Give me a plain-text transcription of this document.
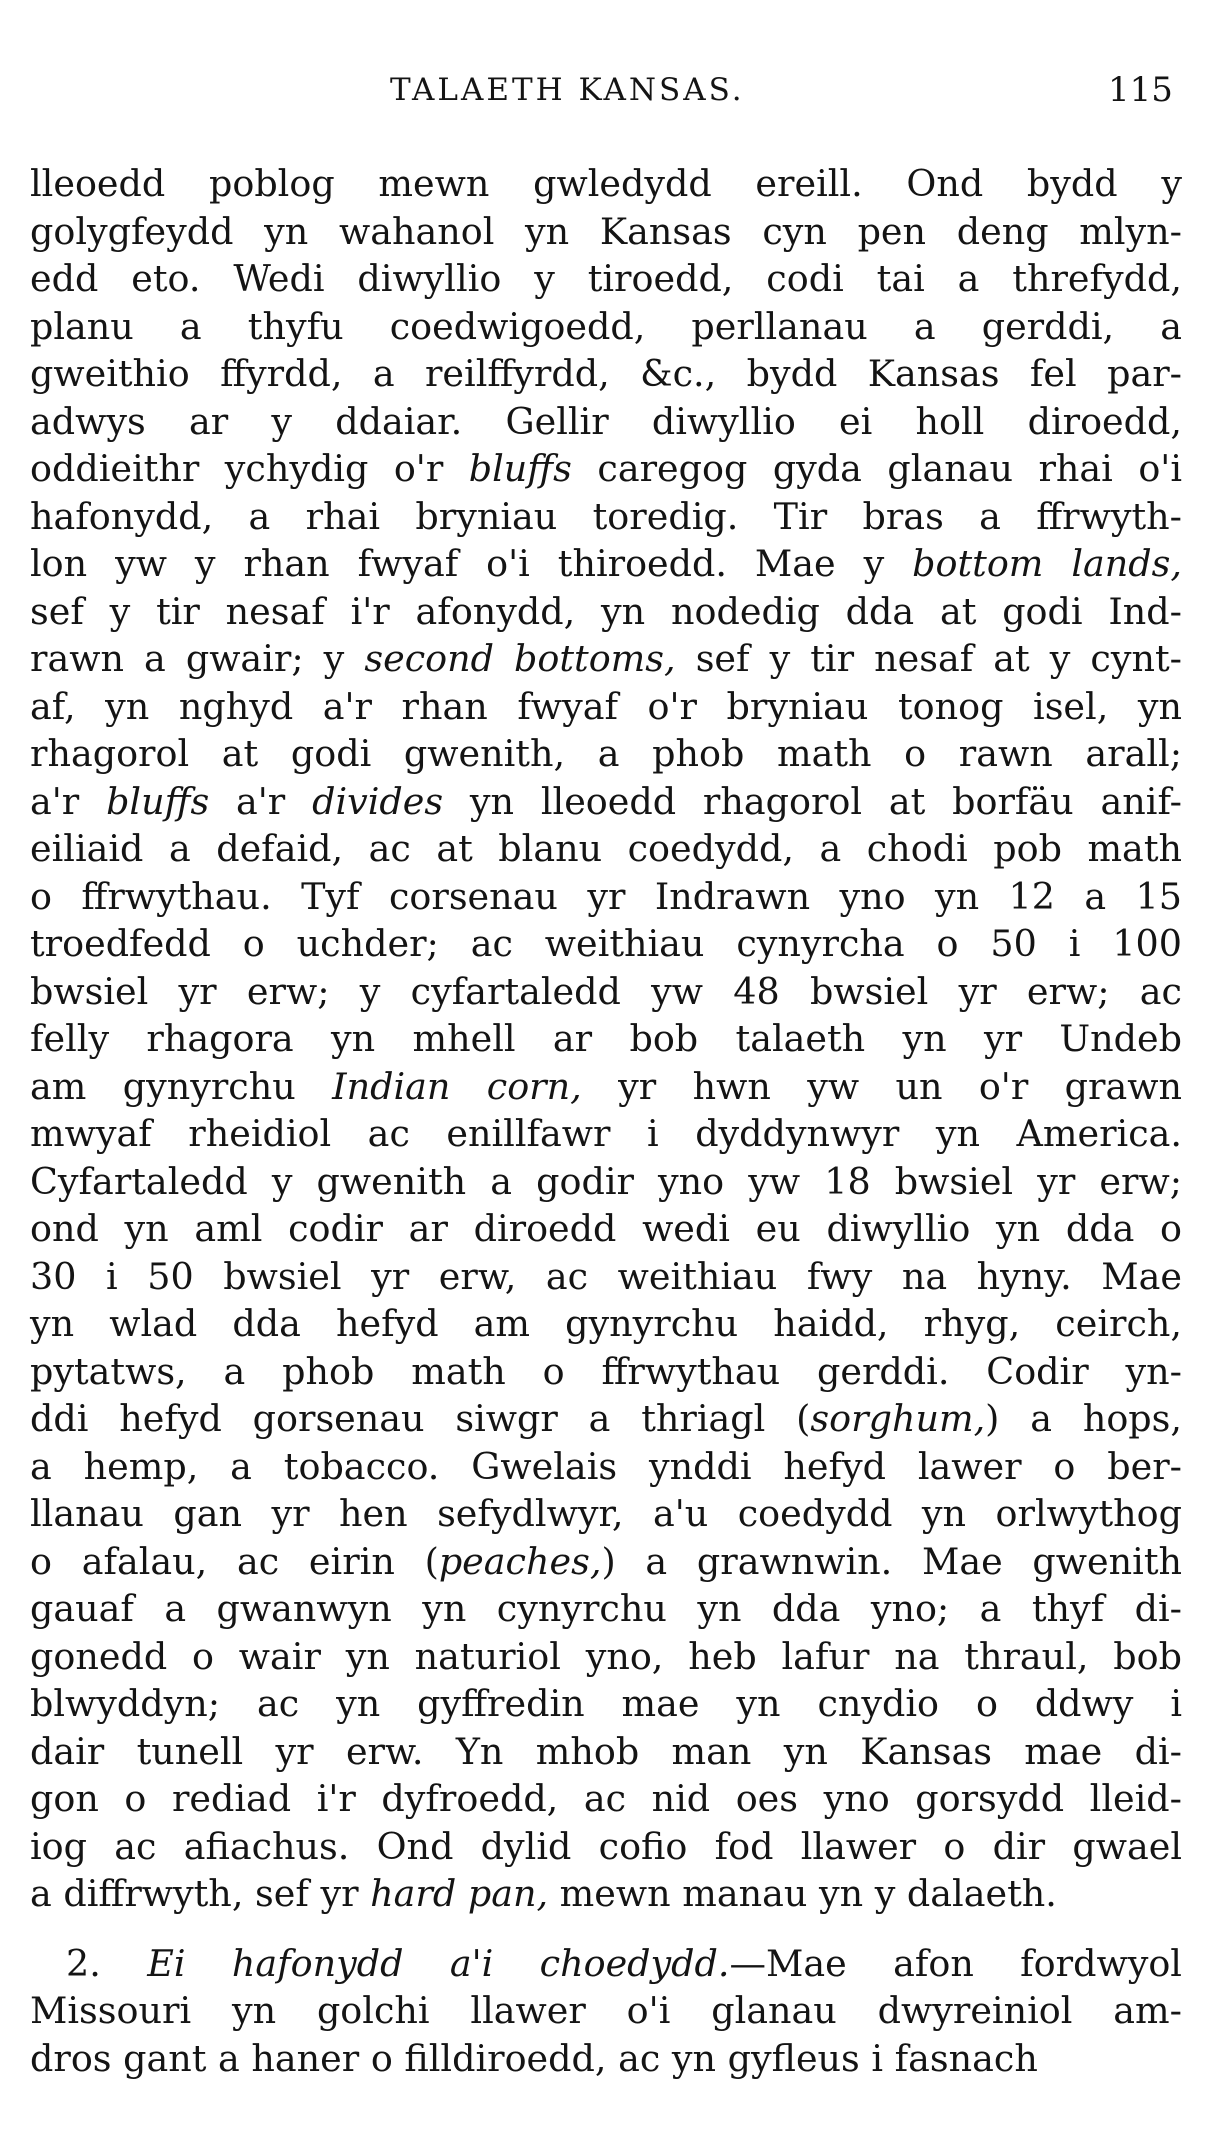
TALAETH KANSAS.	115
lleoedd poblog mewn gwledydd ereill. Ond bydd y
golygfeydd yn wahanol yn Kansas cyn pen deng mlyn-
edd eto. Wedi diwyllio y tiroedd, codi tai a threfydd,
planu a thyfu coedwigoedd, perllanau a gerddi, a
gweithio ffyrdd, a reilffyrdd, &c., bydd Kansas fel par-
adwys ar y ddaiar. Gellir diwyllio ei holl diroedd,
oddieithr ychydig o'r bluffs caregog gyda glanau rhai o'i
hafonydd, a rhai bryniau toredig. Tir bras a ffrwyth-
lon yw y rhan fwyaf o'i thiroedd. Mae y bottom lands,
sef y tir nesaf i'r afonydd, yn nodedig dda at godi Ind-
rawn a gwair; y second bottoms, sef y tir nesaf at y cynt-
af, yn nghyd a'r rhan fwyaf o'r bryniau tonog isel, yn
rhagorol at godi gwenith, a phob math o rawn arall;
a'r bluffs a'r divides yn lleoedd rhagorol at borfäu anif-
eiliaid a defaid, ac at blanu coedydd, a chodi pob math
o ffrwythau. Tyf corsenau yr Indrawn yno yn 12 a 15
troedfedd o uchder; ac weithiau cynyrcha o 50 i 100
bwsiel yr erw; y cyfartaledd yw 48 bwsiel yr erw; ac
felly rhagora yn mhell ar bob talaeth yn yr Undeb
am gynyrchu Indian corn, yr hwn yw un o'r grawn
mwyaf rheidiol ac enillfawr i dyddynwyr yn America.
Cyfartaledd y gwenith a godir yno yw 18 bwsiel yr erw;
ond yn aml codir ar diroedd wedi eu diwyllio yn dda o
30 i 50 bwsiel yr erw, ac weithiau fwy na hyny. Mae
yn wlad dda hefyd am gynyrchu haidd, rhyg, ceirch,
pytatws, a phob math o ffrwythau gerddi. Codir yn-
ddi hefyd gorsenau siwgr a thriagl (sorghum,) a hops,
a hemp, a tobacco. Gwelais ynddi hefyd lawer o ber-
llanau gan yr hen sefydlwyr, a'u coedydd yn orlwythog
o afalau, ac eirin (peaches,) a grawnwin. Mae gwenith
gauaf a gwanwyn yn cynyrchu yn dda yno; a thyf di-
gonedd o wair yn naturiol yno, heb lafur na thraul, bob
blwyddyn; ac yn gyffredin mae yn cnydio o ddwy i
dair tunell yr erw. Yn mhob man yn Kansas mae di-
gon o rediad i'r dyfroedd, ac nid oes yno gorsydd lleid-
iog ac afiachus. Ond dylid cofio fod llawer o dir gwael
a diffrwyth, sef yr hard pan, mewn manau yn y dalaeth.
2. Ei hafonydd a'i choedydd.—Mae afon fordwyol
Missouri yn golchi llawer o'i glanau dwyreiniol am-
dros gant a haner o filldiroedd, ac yn gyfleus i fasnach
